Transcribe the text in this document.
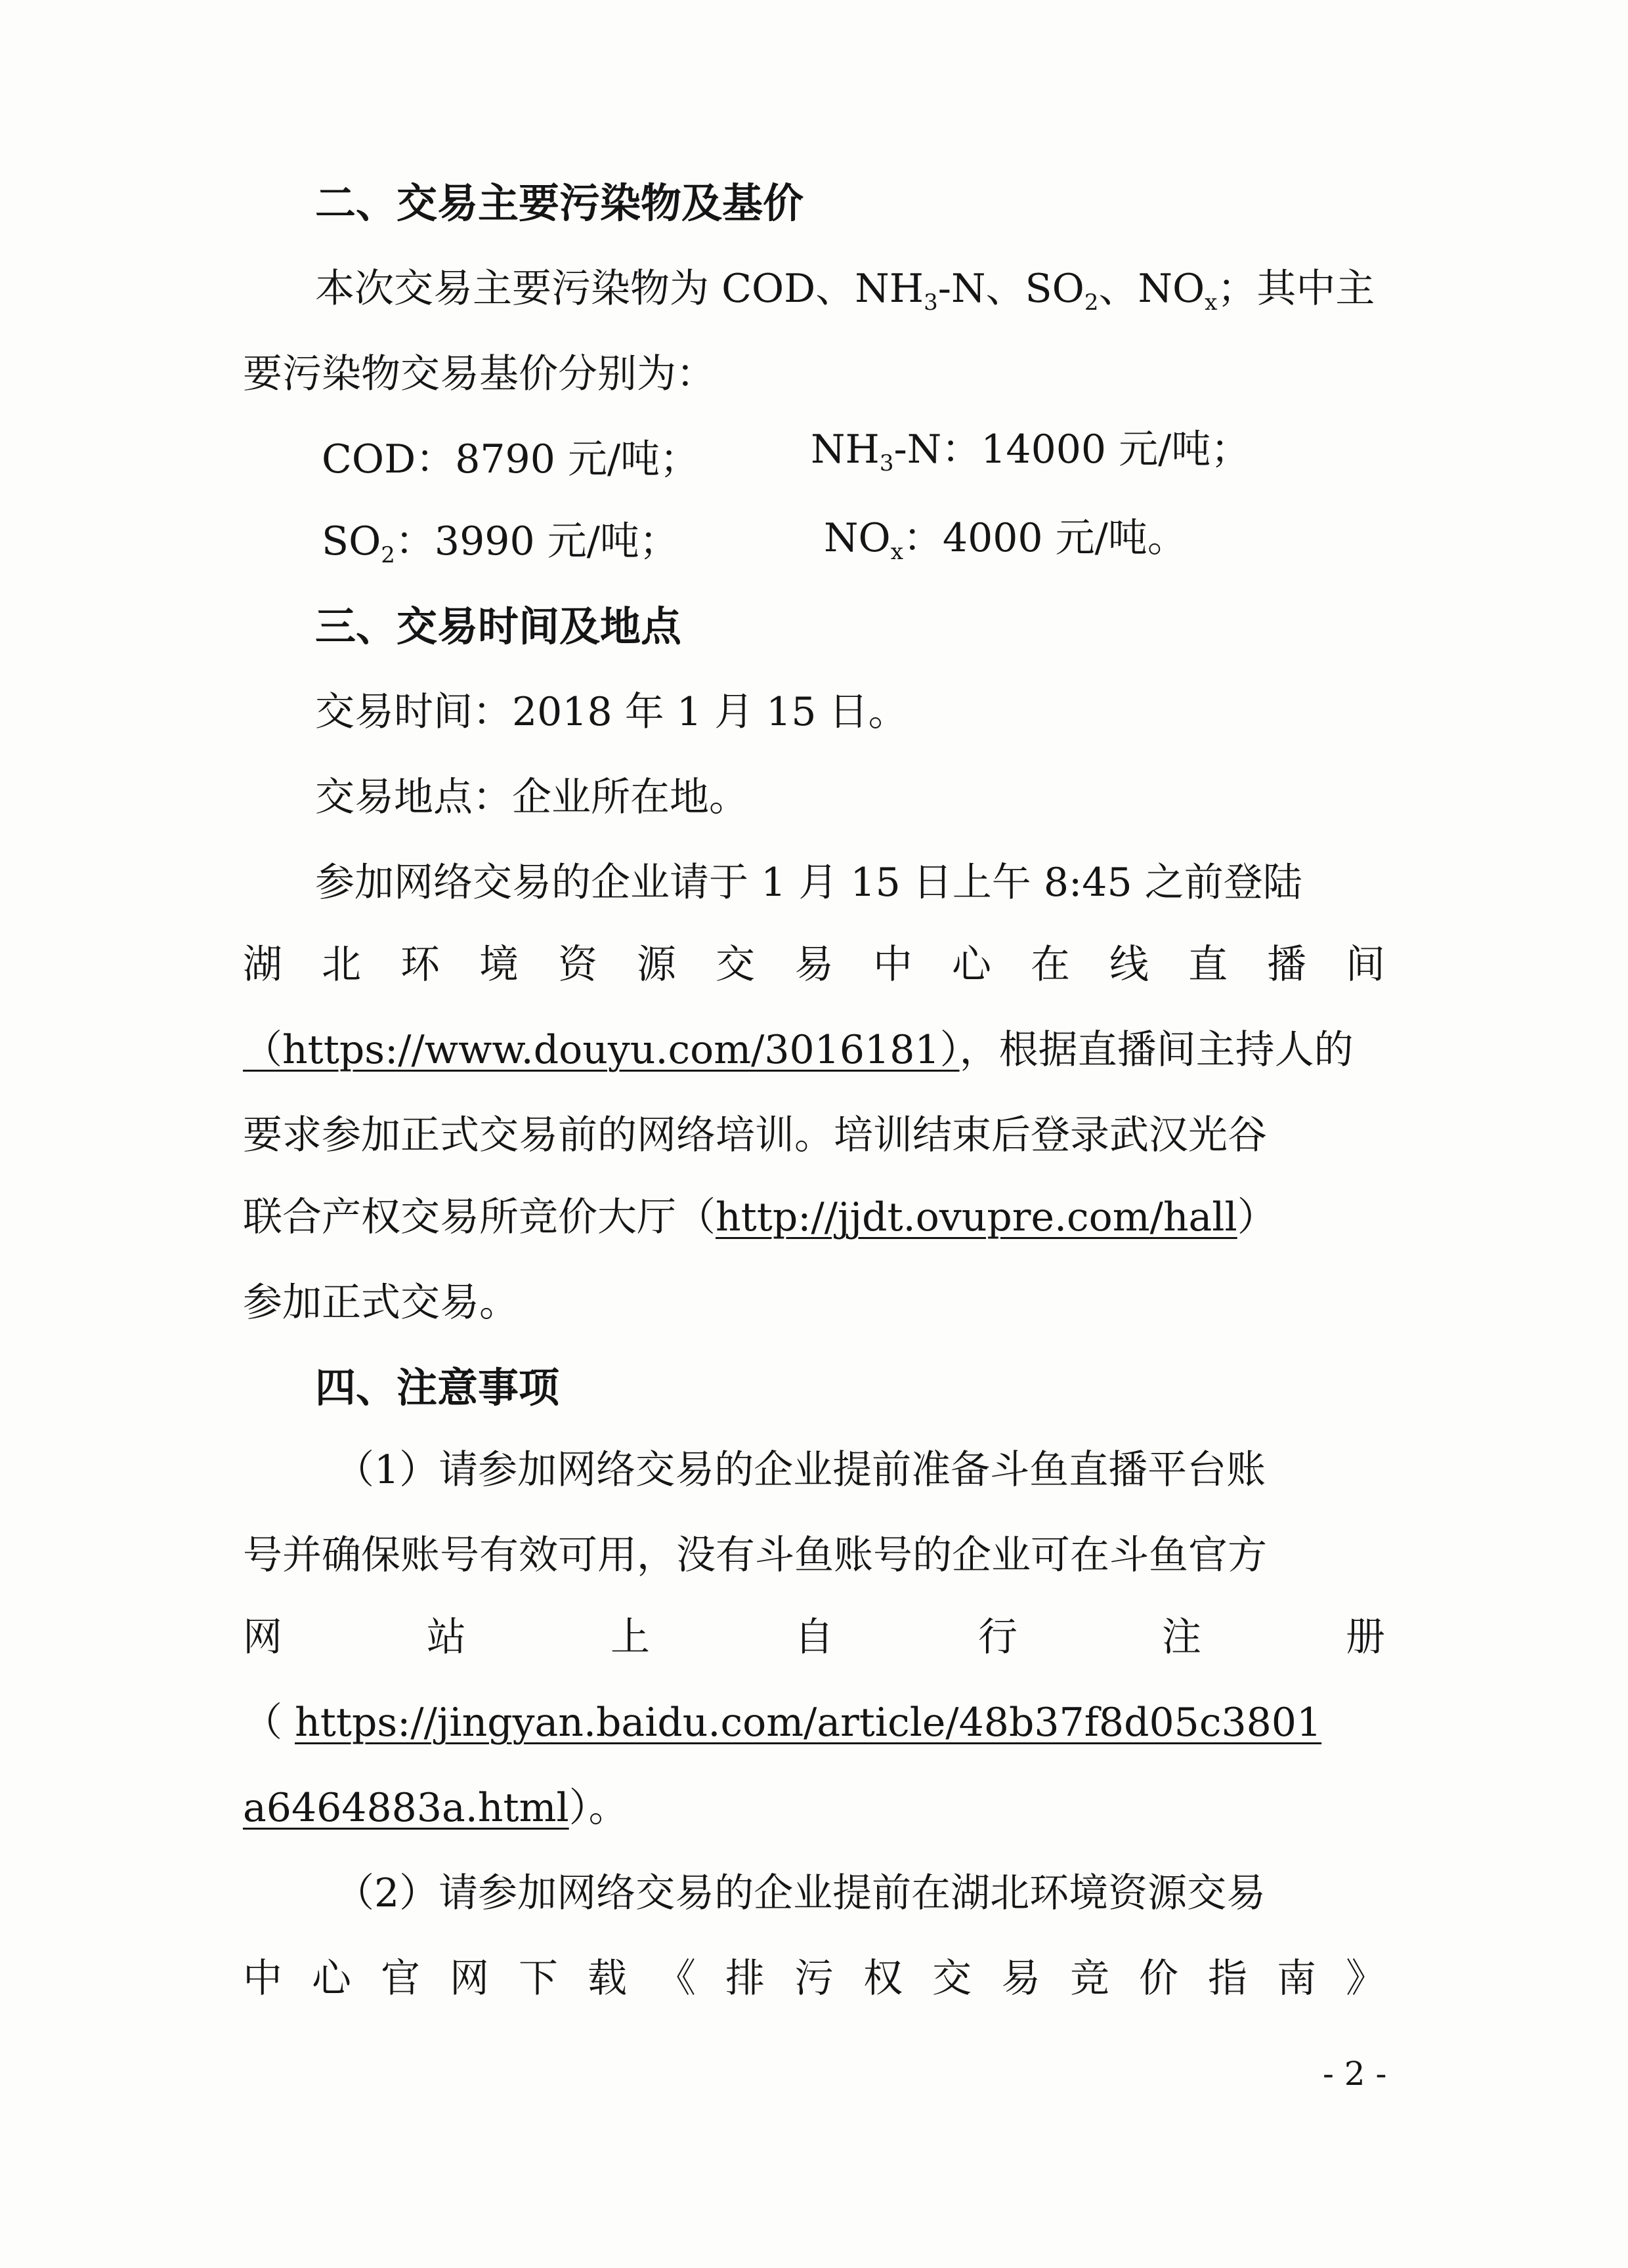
二、交易主要污染物及基价
本次交易主要污染物为 COD、$NH_3-N$、$SO_2$、$NO_x$；其中主
要污染物交易基价分别为：
COD：8790 元/吨；	$NH_3-N$：14000 元/吨；
$SO_2$：3990 元/吨；	$NO_x$：4000 元/吨。
三、交易时间及地点
交易时间：2018 年 1 月 15 日。
交易地点：企业所在地。
参加网络交易的企业请于 1 月 15 日上午 8:45 之前登陆
湖 北 环 境 资 源 交 易 中 心 在 线 直 播 间
（https://www.douyu.com/3016181），根据直播间主持人的
要求参加正式交易前的网络培训。培训结束后登录武汉光谷
联合产权交易所竞价大厅（http://jjdt.ovupre.com/hall）
参加正式交易。
四、注意事项
（1）请参加网络交易的企业提前准备斗鱼直播平台账
号并确保账号有效可用，没有斗鱼账号的企业可在斗鱼官方
网	站	上	自	行	注	册
（ https://jingyan.baidu.com/article/48b37f8d05c3801
a6464883a.html）。
（2）请参加网络交易的企业提前在湖北环境资源交易
中 心 官 网 下 载 《 排 污 权 交 易 竞 价 指 南 》
- 2 -
